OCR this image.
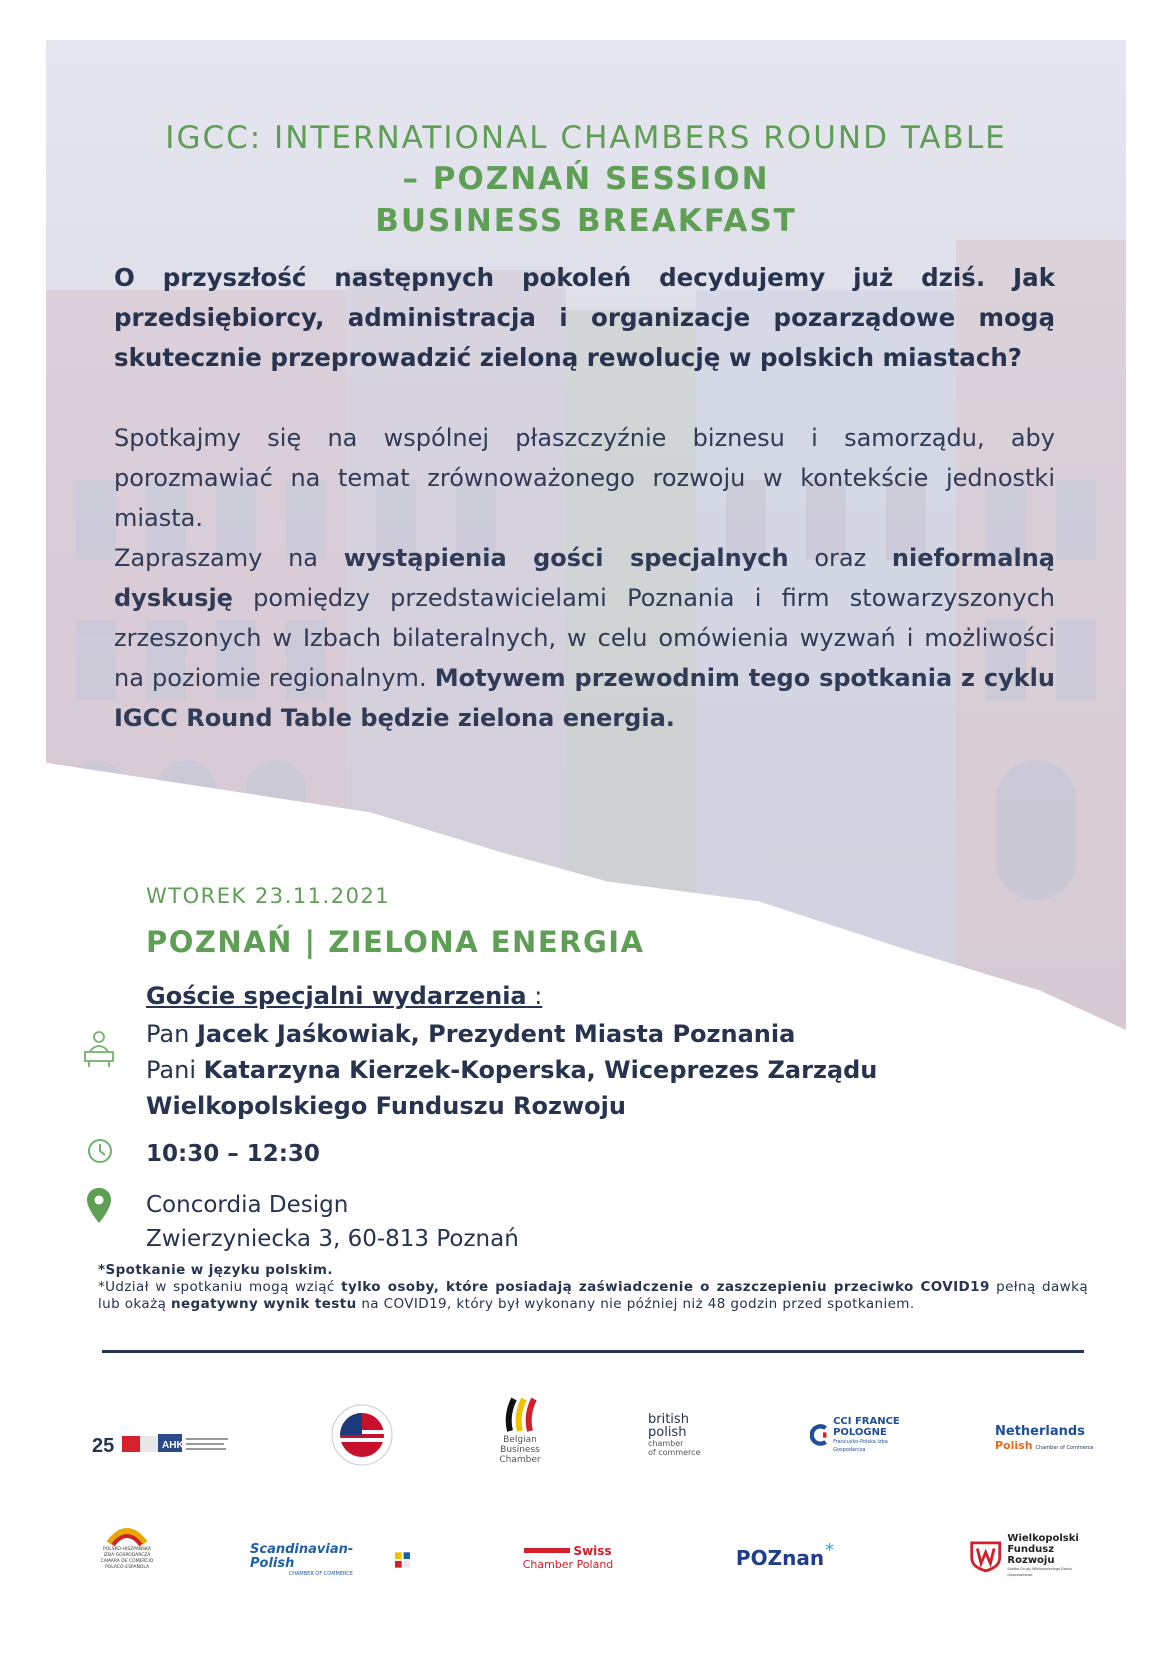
IGCC: INTERNATIONAL CHAMBERS ROUND TABLE
– POZNAŃ SESSION
BUSINESS BREAKFAST
O przyszłość następnych pokoleń decydujemy już dziś. Jak przedsiębiorcy, administracja i organizacje pozarządowe mogą skutecznie przeprowadzić zieloną rewolucję w polskich miastach?

Spotkajmy się na wspólnej płaszczyźnie biznesu i samorządu, aby porozmawiać na temat zrównoważonego rozwoju w kontekście jednostki miasta.

Zapraszamy na wystąpienia gości specjalnych oraz nieformalną dyskusję pomiędzy przedstawicielami Poznania i firm stowarzyszonych zrzeszonych w Izbach bilateralnych, w celu omówienia wyzwań i możliwości na poziomie regionalnym. Motywem przewodnim tego spotkania z cyklu IGCC Round Table będzie zielona energia.

WTOREK 23.11.2021
POZNAŃ | ZIELONA ENERGIA
Goście specjalni wydarzenia :
Pan Jacek Jaśkowiak, Prezydent Miasta Poznania
Pani Katarzyna Kierzek-Koperska, Wiceprezes Zarządu
Wielkopolskiego Funduszu Rozwoju
10:30 – 12:30
Concordia Design
Zwierzyniecka 3, 60-813 Poznań
*Spotkanie w języku polskim.
*Udział w spotkaniu mogą wziąć tylko osoby, które posiadają zaświadczenie o zaszczepieniu przeciwko COVID19 pełną dawką lub okażą negatywny wynik testu na COVID19, który był wykonany nie później niż 48 godzin przed spotkaniem.
25	AHK	Belgian
Business
Chamber
british
polish
chamber
of commerce
CCI FRANCE
POLOGNE
Francusko-Polska Izba Gospodarcza
Netherlands
Polish Chamber of Commerce
POLSKO-HISZPAŃSKA
IZBA GOSPODARCZA
CAMARA DE COMERCIO
POLACO-ESPAÑOLA
Scandinavian-Polish
CHAMBER OF COMMERCE
Swiss
Chamber Poland	POZnan *
Wielkopolski
Fundusz Rozwoju
Spółka Grupy Wielkopolskiego Banku Gospodarstwa
